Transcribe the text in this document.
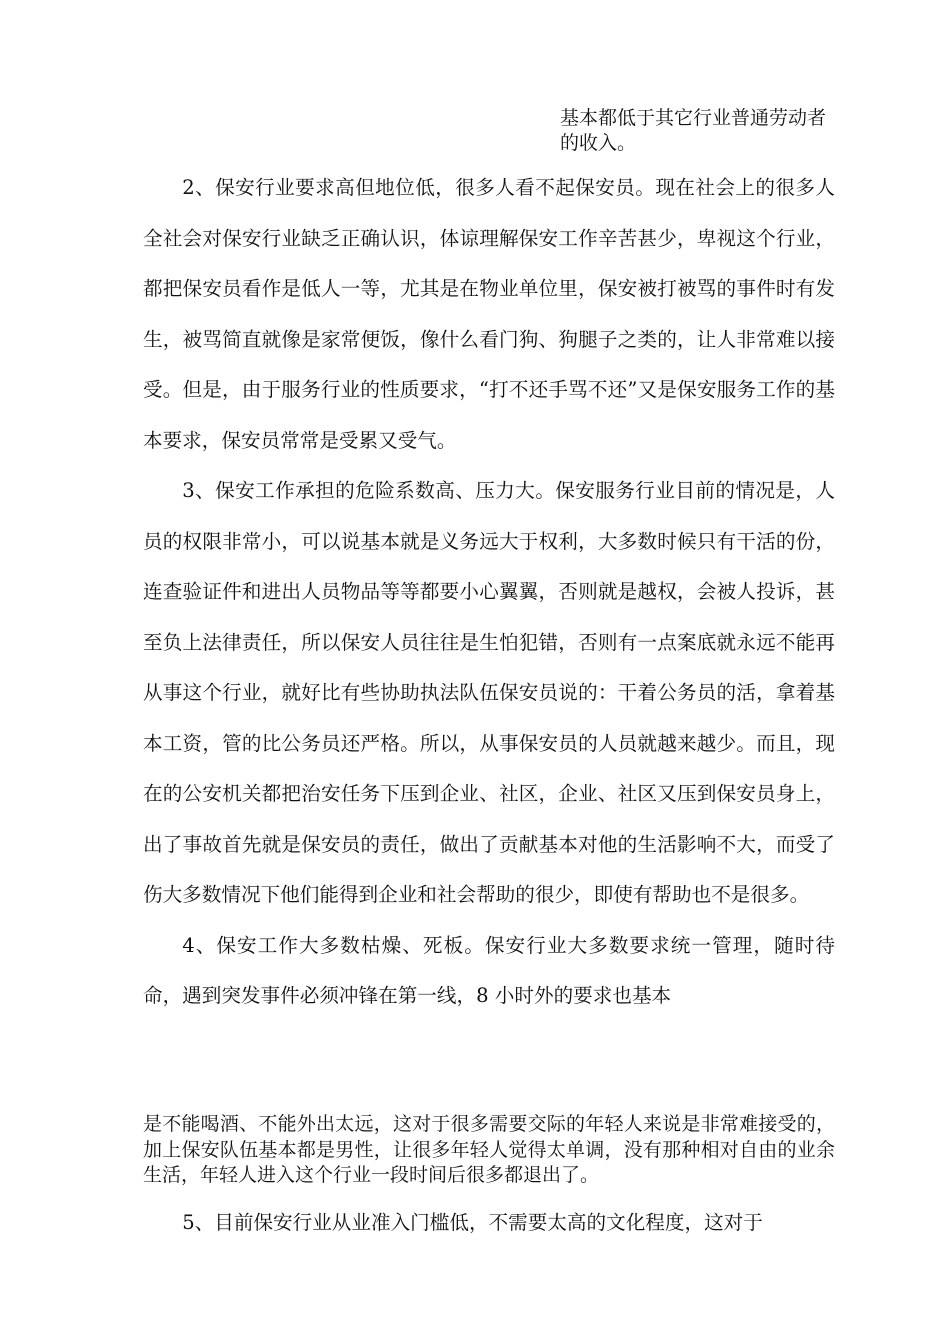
基本都低于其它行业普通劳动者的收入。

2、保安行业要求高但地位低，很多人看不起保安员。现在社会上的很多人全社会对保安行业缺乏正确认识，体谅理解保安工作辛苦甚少，卑视这个行业，都把保安员看作是低人一等，尤其是在物业单位里，保安被打被骂的事件时有发生，被骂简直就像是家常便饭，像什么看门狗、狗腿子之类的，让人非常难以接受。但是，由于服务行业的性质要求，“打不还手骂不还”又是保安服务工作的基本要求，保安员常常是受累又受气。

3、保安工作承担的危险系数高、压力大。保安服务行业目前的情况是，人员的权限非常小，可以说基本就是义务远大于权利，大多数时候只有干活的份，连查验证件和进出人员物品等等都要小心翼翼，否则就是越权，会被人投诉，甚至负上法律责任，所以保安人员往往是生怕犯错，否则有一点案底就永远不能再从事这个行业，就好比有些协助执法队伍保安员说的：干着公务员的活，拿着基本工资，管的比公务员还严格。所以，从事保安员的人员就越来越少。而且，现在的公安机关都把治安任务下压到企业、社区，企业、社区又压到保安员身上，出了事故首先就是保安员的责任，做出了贡献基本对他的生活影响不大，而受了伤大多数情况下他们能得到企业和社会帮助的很少，即使有帮助也不是很多。

4、保安工作大多数枯燥、死板。保安行业大多数要求统一管理，随时待命，遇到突发事件必须冲锋在第一线，8 小时外的要求也基本

是不能喝酒、不能外出太远，这对于很多需要交际的年轻人来说是非常难接受的，加上保安队伍基本都是男性，让很多年轻人觉得太单调，没有那种相对自由的业余生活，年轻人进入这个行业一段时间后很多都退出了。

5、目前保安行业从业准入门槛低，不需要太高的文化程度，这对于
